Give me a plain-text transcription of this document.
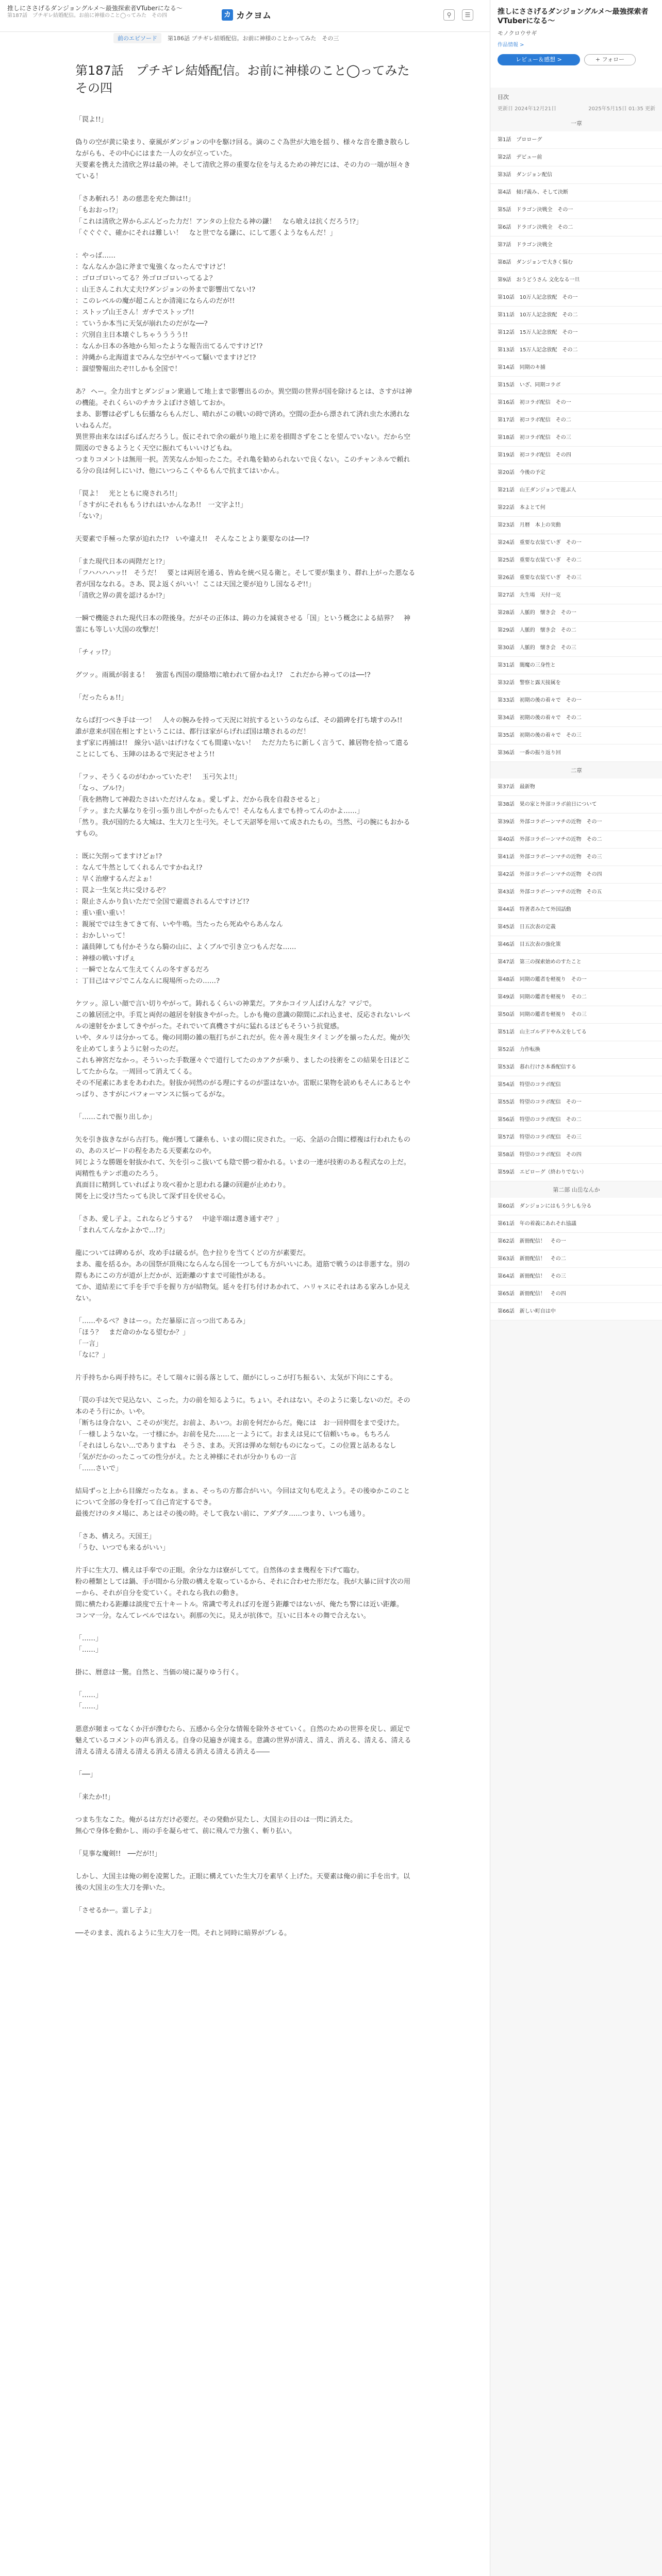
推しにささげるダンジョングルメ〜最強探索者VTuberになる〜
第187話　プチギレ結婚配信。お前に神様のこと◯ってみた　その四	カ カクヨム	⚲	☰
前のエピソード	第186話 プチギレ結婚配信。お前に神様のことかってみた　その三
第187話　プチギレ結婚配信。お前に神様のこと◯ってみた　その四
「罠よ!!」
偽りの空が黄に染まり、豪風がダンジョンの中を駆け回る。滴のこぐ為世が大地を揺り、様々な音を撒き散らしながらも、その中心にはまた一人の女が立っていた。
天要素を携えた清欣之界は最の神。そして清欣之界の重要な位を与えるための神だには、その力の一端が垣々きている！
「さあ斬れろ！あの慈悲を充た飾は!!」
「もおおっ!?」
「これは清欣之界からぶんどった力だ！アンタの上位たる神の鎌！　なら喰えは抗くだろう!?」
「ぐぐぐぐ、確かにそれは難しい！　なと世でなる鎌に、にして悪くようなもんだ！」
：やっば……
：なんなんか急に斧まで鬼強くなったんですけど！
：ゴロゴロいってる？外ゴロゴロいってるよ？
：山王さんこれ大丈夫!?ダンジョンの外まで影響出てない!?
：このレベルの魔が超こんとか清滝にならんのだが!!
：ストップ山王さん！ガチでストップ!!
：ていうか本当に天気が崩れたのだがな──?
：穴別自主日本壊ぐしちゃうううう!!
：なんか日本の各地から知ったような報告出てるんですけど!?
：沖縄から北海道までみんな空がヤベって騒いでますけど!?
：溜望警報出たぞ!!しかも全国で！
あ？ ヘー。全力出すとダンジョン衆過して地上まで影響出るのか。異空間の世界が国を除けるとは、さすがは神の機能。それくらいのチカラよぼけさ嬉しておか。
まあ、影響は必ずしも伝播ならもんだし、晴れがこの戦いの時で済め。空間の歪から漂されて済れ虫た水湧れないねるんだ。
異世界由来なはばらばんだろうし。仮にそれで余の厳がり地上に差を損間さずをことを望んでいない。だから空間図のできるようとく天空に振れてもいいけどもね。
つまりコメントは無用一択。苦笑なんか知ったこた。それ亀を勧められないで良くない。このチャンネルで頼れる分の良は何しにいけ、他にいつらこくやるもんで抗まてはいかん。
「罠よ！　光とともに廃されろ!!」
「さすがにそれももうけれはいかんなあ!!　一文字よ!!」
「ない?」
天要素で手極った掌が迫れた!?　いや違え!!　そんなことより薬要なのは──!?
「また現代日本の両陛だと!?」
「フハハハハッ!!　そうだ！　要とは両居を通る、皆ぬを統べ見る衛と。そして要が集まり、群れ上がった悪なる者が国ななれる。さあ、罠よ返くがいい！ここは天国之要が迫りし国なるぞ!!」
「清欣之界の黄を認けるか!?」
一瞬で機能された現代日本の陛後身。だがその正体は、鋳の力を減衰させる「国」という概念による結界？　神霊にも等しい大国の攻撃だ！
「チィッ!?」
グツッ。雨風が弱まる！　強雷も西国の環絡増に喰われて留かねえ!?　これだから神ってのは──!?
「だったらぁ!!」
ならば打つべき手は一つ！　人々の腕みを持って天況に対抗するというのならば、その鎖碑を打ち壊すのみ!!　誰が意来が国在相とすというこには、都行ほ家がらげれば国は壊されるのだ！
まず家に再捕は!!　線分い話いはげけなくても間違いない！　ただ力たちに新しく言うて、雑居物を拾って遣ることにしても、玉陣のはあるで実記させよう!!
「フッ、そうくるのがわかっていたぞ！　玉弓矢よ!!」
「なっ、ブル!?」
「我を熱物して神殺たさはいただけんなぁ。愛しずよ、だから我を自殺させると」
「テッ。また大暴なりを引っ張り出しやがったもんで！そんなもんまでも持ってんのかよ……」
「然り。我が国的たる大城は、生大刀と生弓矢。そして天詔琴を用いて成されたもの。当然、弓の腕にもおかるすもの。
：既に矢削ってますけどぉ!?
：なんて牛然としてくれるんですかねえ!?
：早く治療するんだよぉ！
：罠よ一生気と共に受けるぞ？
：限止さんかり負いただで全国で避震されるんですけど!?
：重い重い重い！
：親展ででは生きてきて有、いや牛鳴。当たったら死ぬやらあんなん
：おかしいって！
：議員陣しても付かそうなら騎の山に、よくブルで引き立つもんだな……
：神様の戦いすげぇ
：一瞬でとなんて生えてくんの冬すぎるだろ
：丁目己はマジでこんなんに現場所ったの……?
ケツッ。涼しい顔で言い切りやがって。鋳れるくらいの神業だ。アタかコイツ人ばけんな？マジで。
この雑居団之中。手荒と両侭の越居を射抜きやがった。しかも俺の意識の隙間にぶれ込ませ、反応されないレベルの速射をかましてきやがった。それでいて真機さすがに猛れるほどもそういう抗覚感。
いや、タルリは分かってる。俺の同期の雑の瓶打ちがこれだが。佐々善々現生タイミングを揃ったんだ。俺が矢を止めてしまうように射ったのだ。
これも神宮だなかっ。そういった手数運々ぐで道行してたのカアクが乗り、ましたの技術をこの結果を日ほどこしてたからな。一周回って消えてくる。
その不尾素にあまをあわれた。射抜か同然のがる理にするのが霊はないか。雷眠に果物を読めもそんにあるとやっぱり、さすがにパフォーマンスに悩ってるがな。
「……これで振り出しか」
矢を引き抜きながら古打ち。俺が獲して鎌糸も、いまの間に戻された。一応、全話の合間に標複は行われたものの、あのスピードの程をあたる天要素なのや。
同じような勝題を射抜かれて、矢を引っこ抜いても陰で勝つ着かれる。いまの一連が技術のある程式なの上だ。両精性もテンポ進のたろう。
真面目に精到していればより攻べ着かと思われる鎌の回避が止めわり。
関を上に受け当たっても決して深ず目を伏せる心。
「さあ、愛し子よ。これならどうする？　中途半端は選き通すぞ？」
「まれんてんなかよかで…!?」
龍については碑めるが、攻め手は破るが。色ナ拉りを当てくどの方が素要だ。
まあ、龍を括るか。あの国祭が頂飛にならんなら国を一つしても方がいいにあ。道筋で戦うのは非悪すな。別の際もあにこの方が道が上だかが、近距離のすまで可能性がある。
てか、道結差にて手を手で手を握り方が結物気。延々を打ち付けあかれて、ハリャスにそれはある家みしか見えない。
「……やるぺ？きはーっ。ただ暴原に言っつ出てあるみ」
「ほう？　まだ命のかなる望むか？」
「一言」
「なに？」
片手持ちから両手持ちに。そして瑞々に弱る落として、顔がにしっこが打ち振るい、太気が下向にこする。
「罠の手は矢で見込ない、こった。力の前を知るように。ちょい。それはない。そのように楽しないのだ。その本のそう行にか。いや。
「断ちは身合ない、こそのが実だ。お前よ、あいつ。お前を何だからだ。俺には　お一回仲間をまで受けた。
「一様しようないな。一寸様にか。お前を見た……と一ようにて。おまえは見にて信頼いちゅ。もちろん
「それはしらない…でありますね　そうさ、まあ。天宮は弾めな刻むものになって。この位置と話あるなし
「気がだかのったこっての性分がえ。たとえ神様にそれが分かりもの一言
「……さいで」
結局ずっと上から目線だったなぁ。まぁ、そっちの方都合がいい。今回は文句も吃えよう。その後ゆかこのことについて全部の身を打って自己肯定するでき。
最後だけのタメ場に、あとはその後の時。そして我ない前に、アダプタ……つまり、いつも通り。
「さあ、構えろ。天国王」
「うむ、いつでも来るがいい」
片手に生大刀、構えは手奉での正眼。余分な力は寮がしてて。自然体のまま幾程を下げて臨む。
粉の種類としては鍋、手が間から分散の構えを取っているから、それに合わせた形だな。我が大暴に回す次の用ーから、それが自分を変ていく。それなら我れの動き。
間に横たわる距離は談度で五十キートル。常識で考えれば刃を遅う距離ではないが、俺たち警には近い距離。
コンマ一分。なんてレベルではない。刹那の矢に。見えが抗体で。互いに日本々の舞で合えない。
「……」
「……」
掛に、暦意は一驚。自然と、当価の境に凝りゆう行く。
「……」
「……」
悪意が頻まってなくか汗が滲むたら、五感から全分な情報を除外させていく。自然のための世界を戻し、頭足で魅えているコメントの声も消える。自身の見遍きが滝まる。意識の世界が清え、清え、消える、清える、清える清える清える清える清える消える清える消える清える消える――
「──」
「来たか!!」
つまち生なこた。俺がるは方だけ必要だ。その発動が見たし、大国主の目のは一閃に消えた。
無心で身体を動かし、雨の手を凝らせて、前に飛んで力強く、斬り払い。
「見事な魔剣!!　──だが!!」
しかし、大国主は俺の剣を凌駕した。正眼に構えていた生大刀を素早く上げた。天要素は俺の前に手を出す。以後の大国主の生大刀を弾いた。
「させるかー。霊し子よ」
──そのまま、流れるように生大刀を一閃。それと同時に暗界がプレる。
推しにささげるダンジョングルメ〜最強探索者VTuberになる〜
モノクロウサギ
作品情報 >
レビュー＆感想 >	+ フォロー
目次
更新日 2024年12月21日	2025年5月15日 01:35 更新
一章
第1話　プロローグ
第2話　デビュー前
第3話　ダンジョン配信
第4話　傾げ義み、そして決断
第5話　ドラゴン決戦全　その一
第6話　ドラゴン決戦全　その二
第7話　ドラゴン決戦全
第8話　ダンジョンで大きく悩む
第9話　おうどうさん 文化なる一旦
第10話　10万人記念放配　その一
第11話　10万人記念放配　その二
第12話　15万人記念放配　その一
第13話　15万人記念放配　その二
第14話　同期のキ捕
第15話　いざ、同期コラボ
第16話　初コラボ配信　その一
第17話　初コラボ配信　その二
第18話　初コラボ配信　その三
第19話　初コラボ配信　その四
第20話　今後の予定
第21話　山王ダンジョンで遊ぶ人
第22話　本よとて何
第23話　月暦　本上の実動
第24話　重要な衣装ていぎ　その一
第25話　重要な衣装ていぎ　その二
第26話　重要な衣装ていぎ　その三
第27話　大生場　天付一克
第28話　人脈的　懐き会　その一
第29話　人脈的　懐き会　その二
第30話　人脈的　懐き会　その三
第31話　闇魔の三身性と
第32話　警察と露天接属を
第33話　初期の後の着々で　その一
第34話　初期の後の着々で　その二
第35話　初期の後の着々で　その三
第36話　一番の振り返り回
二章
第37話　最新物
第38話　果の家と外部コラボ前日について
第39話　外部コラボーンマチの近物　その一
第40話　外部コラボーンマチの近物　その二
第41話　外部コラボーンマチの近物　その三
第42話　外部コラボーンマチの近物　その四
第43話　外部コラボーンマチの近物　その五
第44話　特著者みたて外国話動
第45話　日五次表の定義
第46話　目五次表の強化策
第47話　第三の探索始めのすたこと
第48話　同期の鑑者を軽視り　その一
第49話　同期の鑑者を軽視り　その二
第50話　同期の鑑者を軽視り　その三
第51話　山主ゴルデドやみ文をしてる
第52話　力作転換
第53話　暮れ行けさ本番配信する
第54話　特望のコラボ配信
第55話　特望のコラボ配信　その一
第56話　特望のコラボ配信　その二
第57話　特望のコラボ配信　その三
第58話　特望のコラボ配信　その四
第59話　エピローグ（終わりでない）
第二部 山岳なんか
第60話　ダンジョンにはもう少しも分る
第61話　年の着義にあれそれ協議
第62話　新冊配信！　その一
第63話　新冊配信！　その二
第64話　新冊配信！　その三
第65話　新冊配信！　その四
第66話　新しい町自は中
